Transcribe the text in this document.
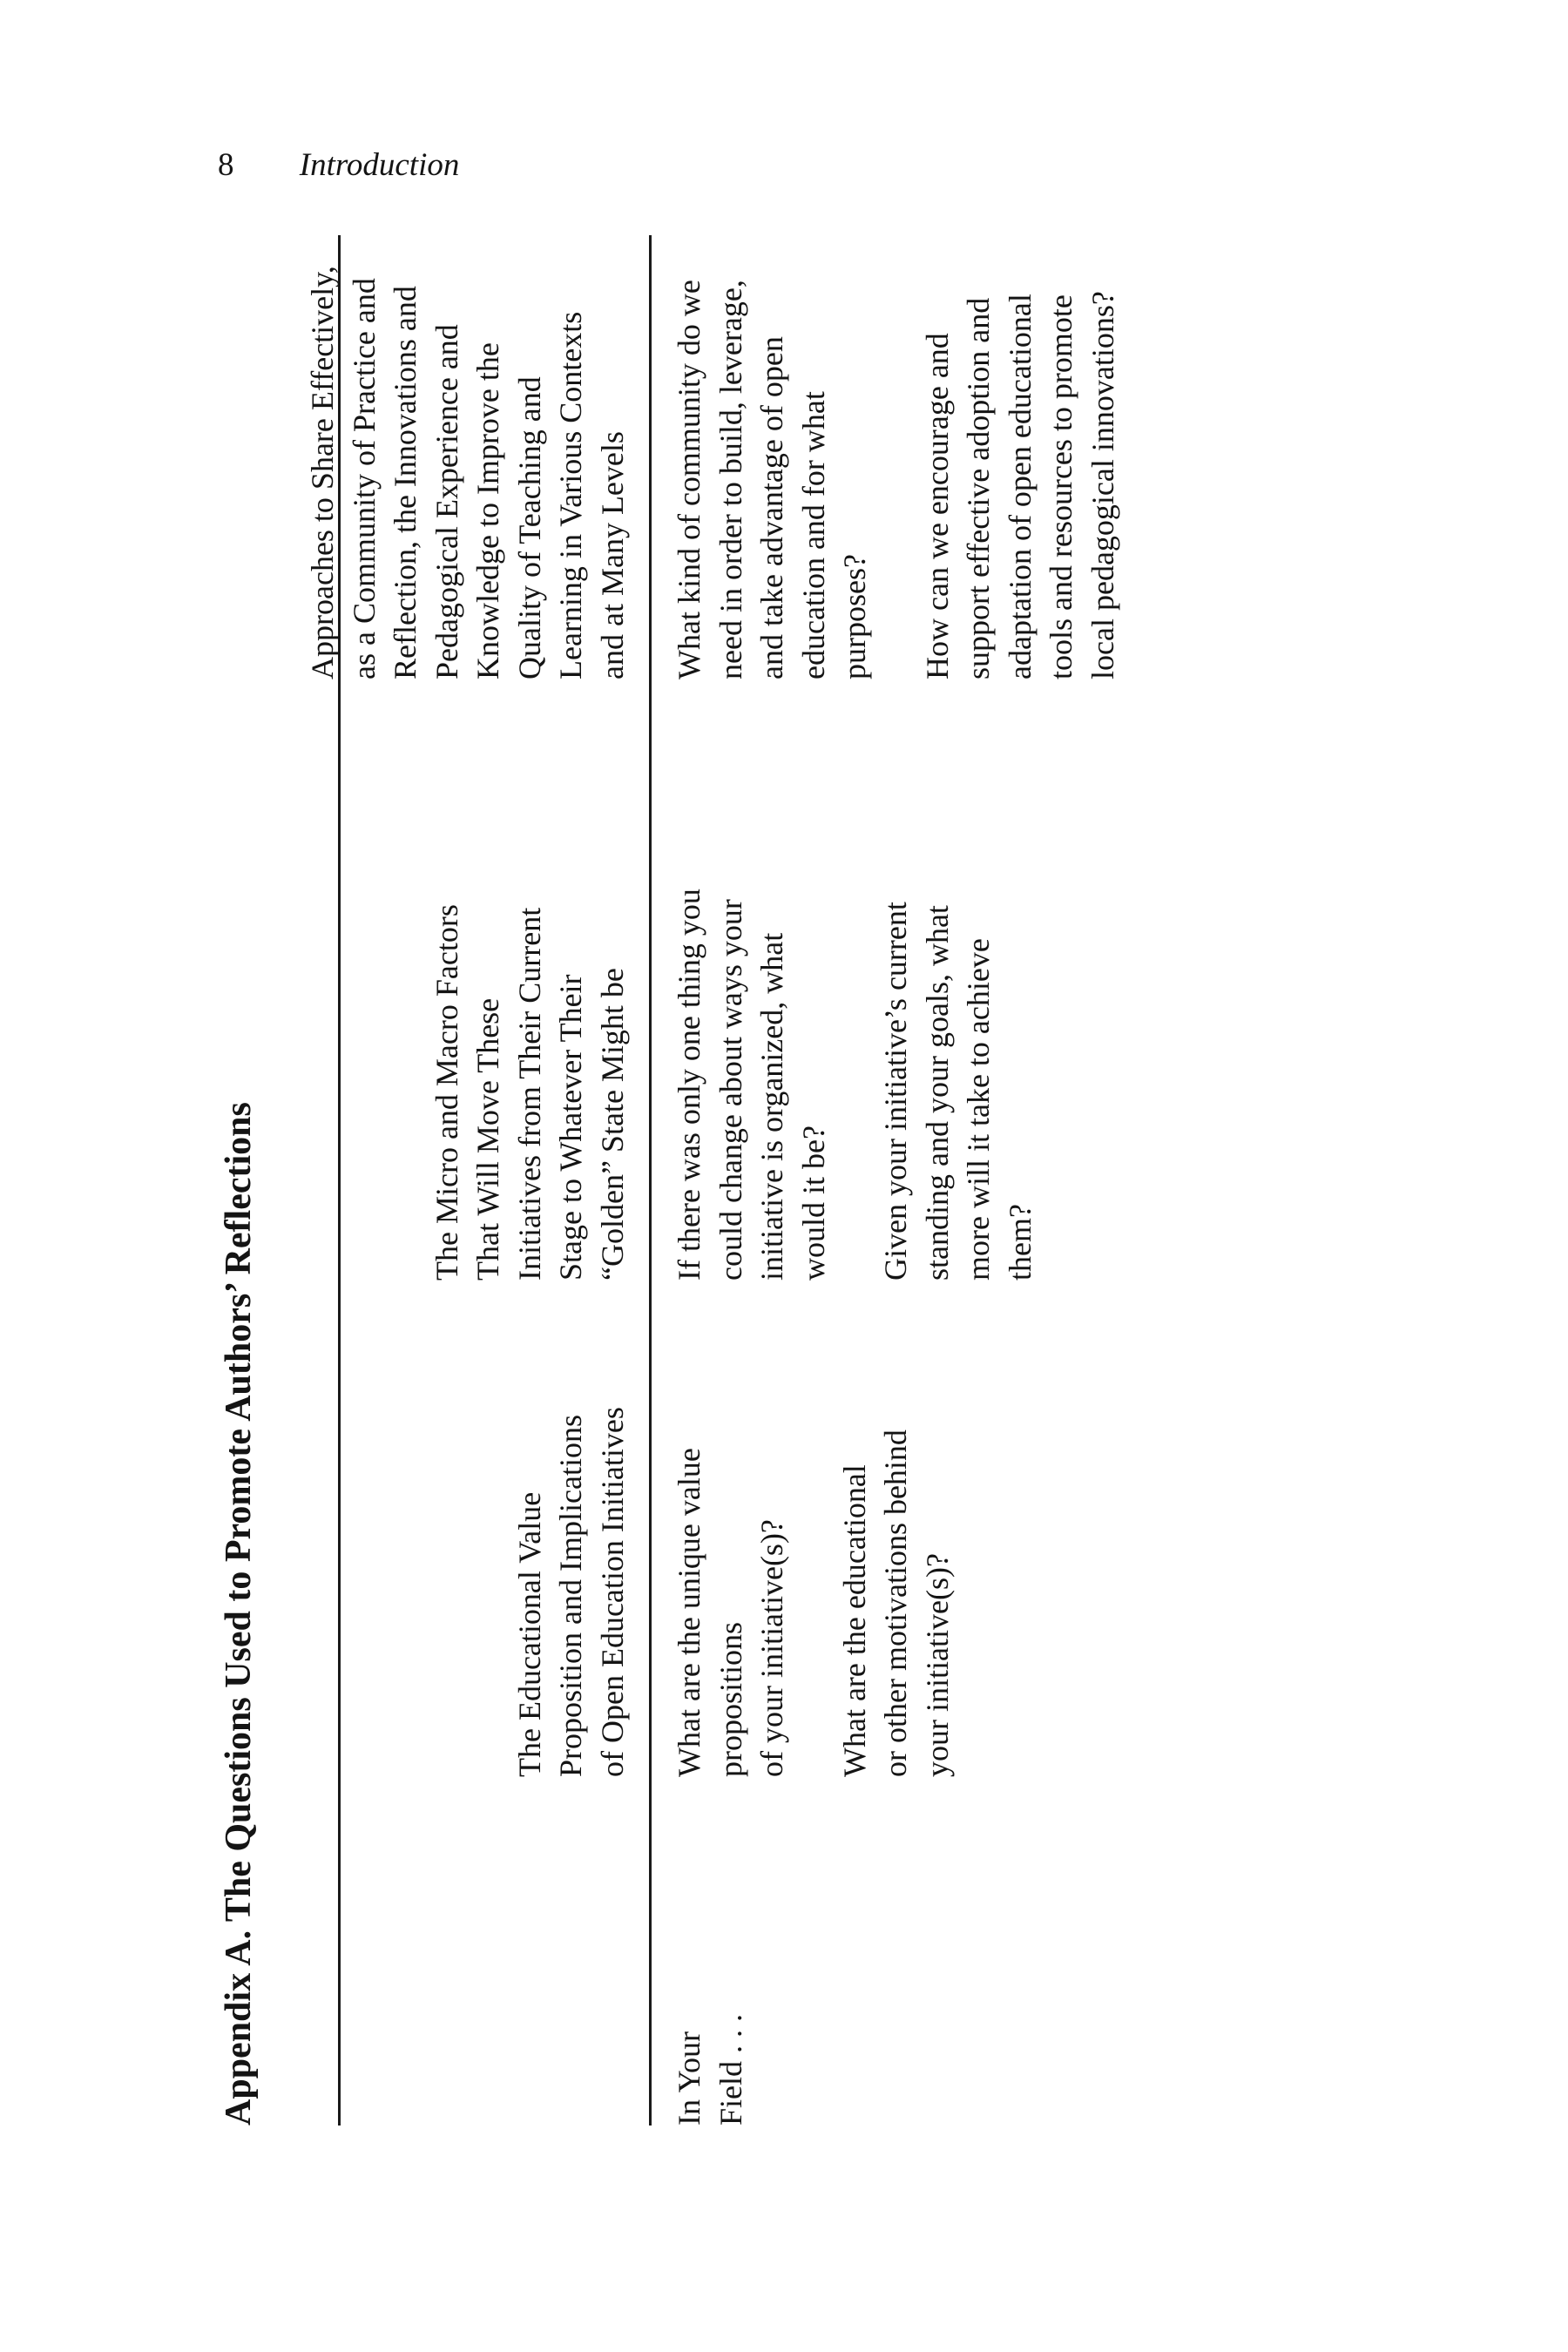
8 Introduction
Appendix A. The Questions Used to Promote Authors’ Reflections	The Educational Value Proposition and Implications of Open Education Initiatives

The Micro and Macro Factors That Will Move These Initiatives from Their Current Stage to Whatever Their “Golden” State Might be

Approaches to Share Effectively, as a Community of Practice and Reflection, the Innovations and Pedagogical Experience and Knowledge to Improve the Quality of Teaching and Learning in Various Contexts and at Many Levels

In Your Field . . .

What are the unique value propositions of your initiative(s)? What are the educational or other motivations behind your initiative(s)?

If there was only one thing you could change about ways your initiative is organized, what would it be? Given your initiative’s current standing and your goals, what more will it take to achieve them?

What kind of community do we need in order to build, leverage, and take advantage of open education and for what purposes? How can we encourage and support effective adoption and adaptation of open educational tools and resources to promote local pedagogical innovations?
